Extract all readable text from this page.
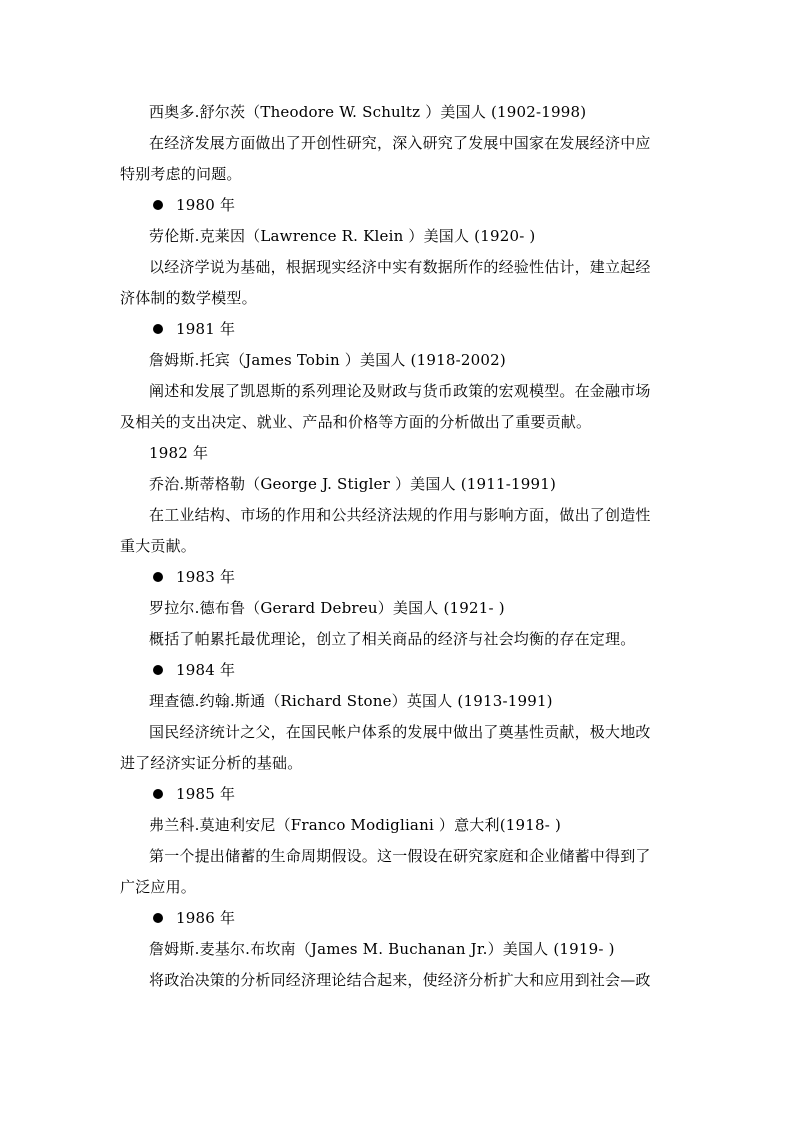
西奥多.舒尔茨（Theodore W. Schultz ）美国人 (1902-1998)
在经济发展方面做出了开创性研究，深入研究了发展中国家在发展经济中应
特别考虑的问题。
1980 年
劳伦斯.克莱因（Lawrence R. Klein ）美国人 (1920- )
以经济学说为基础，根据现实经济中实有数据所作的经验性估计，建立起经
济体制的数学模型。
1981 年
詹姆斯.托宾（James Tobin ）美国人 (1918-2002)
阐述和发展了凯恩斯的系列理论及财政与货币政策的宏观模型。在金融市场
及相关的支出决定、就业、产品和价格等方面的分析做出了重要贡献。
1982 年
乔治.斯蒂格勒（George J. Stigler ）美国人 (1911-1991)
在工业结构、市场的作用和公共经济法规的作用与影响方面，做出了创造性
重大贡献。
1983 年
罗拉尔.德布鲁（Gerard Debreu）美国人 (1921- )
概括了帕累托最优理论，创立了相关商品的经济与社会均衡的存在定理。
1984 年
理查德.约翰.斯通（Richard Stone）英国人 (1913-1991)
国民经济统计之父，在国民帐户体系的发展中做出了奠基性贡献，极大地改
进了经济实证分析的基础。
1985 年
弗兰科.莫迪利安尼（Franco Modigliani ）意大利(1918- )
第一个提出储蓄的生命周期假设。这一假设在研究家庭和企业储蓄中得到了
广泛应用。
1986 年
詹姆斯.麦基尔.布坎南（James M. Buchanan Jr.）美国人 (1919- )
将政治决策的分析同经济理论结合起来，使经济分析扩大和应用到社会—政
